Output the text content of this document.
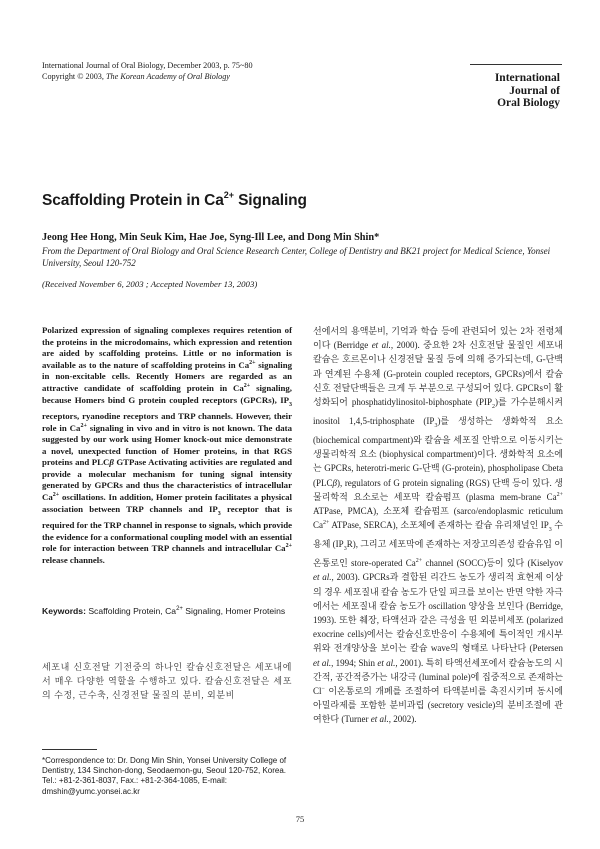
International Journal of Oral Biology, December 2003, p. 75~80
Copyright © 2003, The Korean Academy of Oral Biology	International
Journal of
Oral Biology
Scaffolding Protein in $Ca^{2+}$ Signaling
Jeong Hee Hong, Min Seuk Kim, Hae Joe, Syng-Ill Lee, and Dong Min Shin*
From the Department of Oral Biology and Oral Science Research Center, College of Dentistry and BK21 project for Medical Science, Yonsei University, Seoul 120-752
(Received November 6, 2003 ; Accepted November 13, 2003)
Polarized expression of signaling complexes requires retention of the proteins in the microdomains, which expression and retention are aided by scaffolding proteins. Little or no information is available as to the nature of scaffolding proteins in $Ca^{2+}$ signaling in non-excitable cells. Recently Homers are regarded as an attractive candidate of scaffolding protein in $Ca^{2+}$ signaling, because Homers bind G protein coupled receptors (GPCRs), $IP_3$ receptors, ryanodine receptors and TRP channels. However, their role in $Ca^{2+}$ signaling in vivo and in vitro is not known. The data suggested by our work using Homer knock-out mice demonstrate a novel, unexpected function of Homer proteins, in that RGS proteins and PLCβ GTPase Activating activities are regulated and provide a molecular mechanism for tuning signal intensity generated by GPCRs and thus the characteristics of intracellular $Ca^{2+}$ oscillations. In addition, Homer protein facilitates a physical association between TRP channels and $IP_3$ receptor that is required for the TRP channel in response to signals, which provide the evidence for a conformational coupling model with an essential role for interaction between TRP channels and intracellular $Ca^{2+}$ release channels.
Keywords: Scaffolding Protein, $Ca^{2+}$ Signaling, Homer Proteins
세포내 신호전달 기전중의 하나인 칼슘신호전달은 세포내에서 매우 다양한 역할을 수행하고 있다. 칼슘신호전달은 세포의 수정, 근수축, 신경전달 물질의 분비, 외분비
*Correspondence to: Dr. Dong Min Shin, Yonsei University College of Dentistry, 134 Sinchon-dong, Seodaemon-gu, Seoul 120-752, Korea. Tel.: +81-2-361-8037, Fax.: +81-2-364-1085, E-mail: dmshin@yumc.yonsei.ac.kr
선에서의 용액분비, 기억과 학습 등에 관련되어 있는 2차 전령체이다 (Berridge et al., 2000). 중요한 2차 신호전달 물질인 세포내 칼슘은 호르몬이나 신경전달 물질 등에 의해 증가되는데, G-단백과 연계된 수용체 (G-protein coupled receptors, GPCRs)에서 칼슘신호 전달단백들은 크게 두 부분으로 구성되어 있다. GPCRs이 활성화되어 phosphatidylinositol-biphosphate $(PIP_2)$를 가수분해시켜 inositol 1,4,5-triphosphate $(IP_3)$를 생성하는 생화학적 요소 (biochemical compartment)와 칼슘을 세포질 안밖으로 이동시키는 생물리학적 요소 (biophysical compartment)이다. 생화학적 요소에는 GPCRs, heterotri-meric G-단백 (G-protein), phospholipase Cbeta (PLCβ), regulators of G protein signaling (RGS) 단백 등이 있다. 생물리학적 요소로는 세포막 칼슘펌프 (plasma mem-brane $Ca^{2+}$ ATPase, PMCA), 소포체 칼슘펌프 (sarco/endoplasmic reticulum $Ca^{2+}$ ATPase, SERCA), 소포체에 존재하는 칼슘 유리채널인 $IP_3$ 수용체 $(IP_3R)$, 그리고 세포막에 존재하는 저장고의존성 칼슘유입 이온통로인 store-operated $Ca^{2+}$ channel (SOCC)등이 있다 (Kiselyov et al., 2003). GPCRs과 결합된 리간드 농도가 생리적 효현제 이상의 경우 세포질내 칼슘 농도가 단일 피크를 보이는 반면 약한 자극에서는 세포질내 칼슘 농도가 oscillation 양상을 보인다 (Berridge, 1993). 또한 췌장, 타액선과 같은 극성을 띤 외분비세포 (polarized exocrine cells)에서는 칼슘신호반응이 수용체에 특이적인 개시부위와 전개양상을 보이는 칼슘 wave의 형태로 나타난다 (Petersen et al., 1994; Shin et al., 2001). 특히 타액선세포에서 칼슘농도의 시간적, 공간적증가는 내강극 (luminal pole)에 집중적으로 존재하는 Cl− 이온통로의 개폐를 조절하여 타액분비를 촉진시키며 동시에 아밀라제를 포함한 분비과립 (secretory vesicle)의 분비조절에 관여한다 (Turner et al., 2002).
75
